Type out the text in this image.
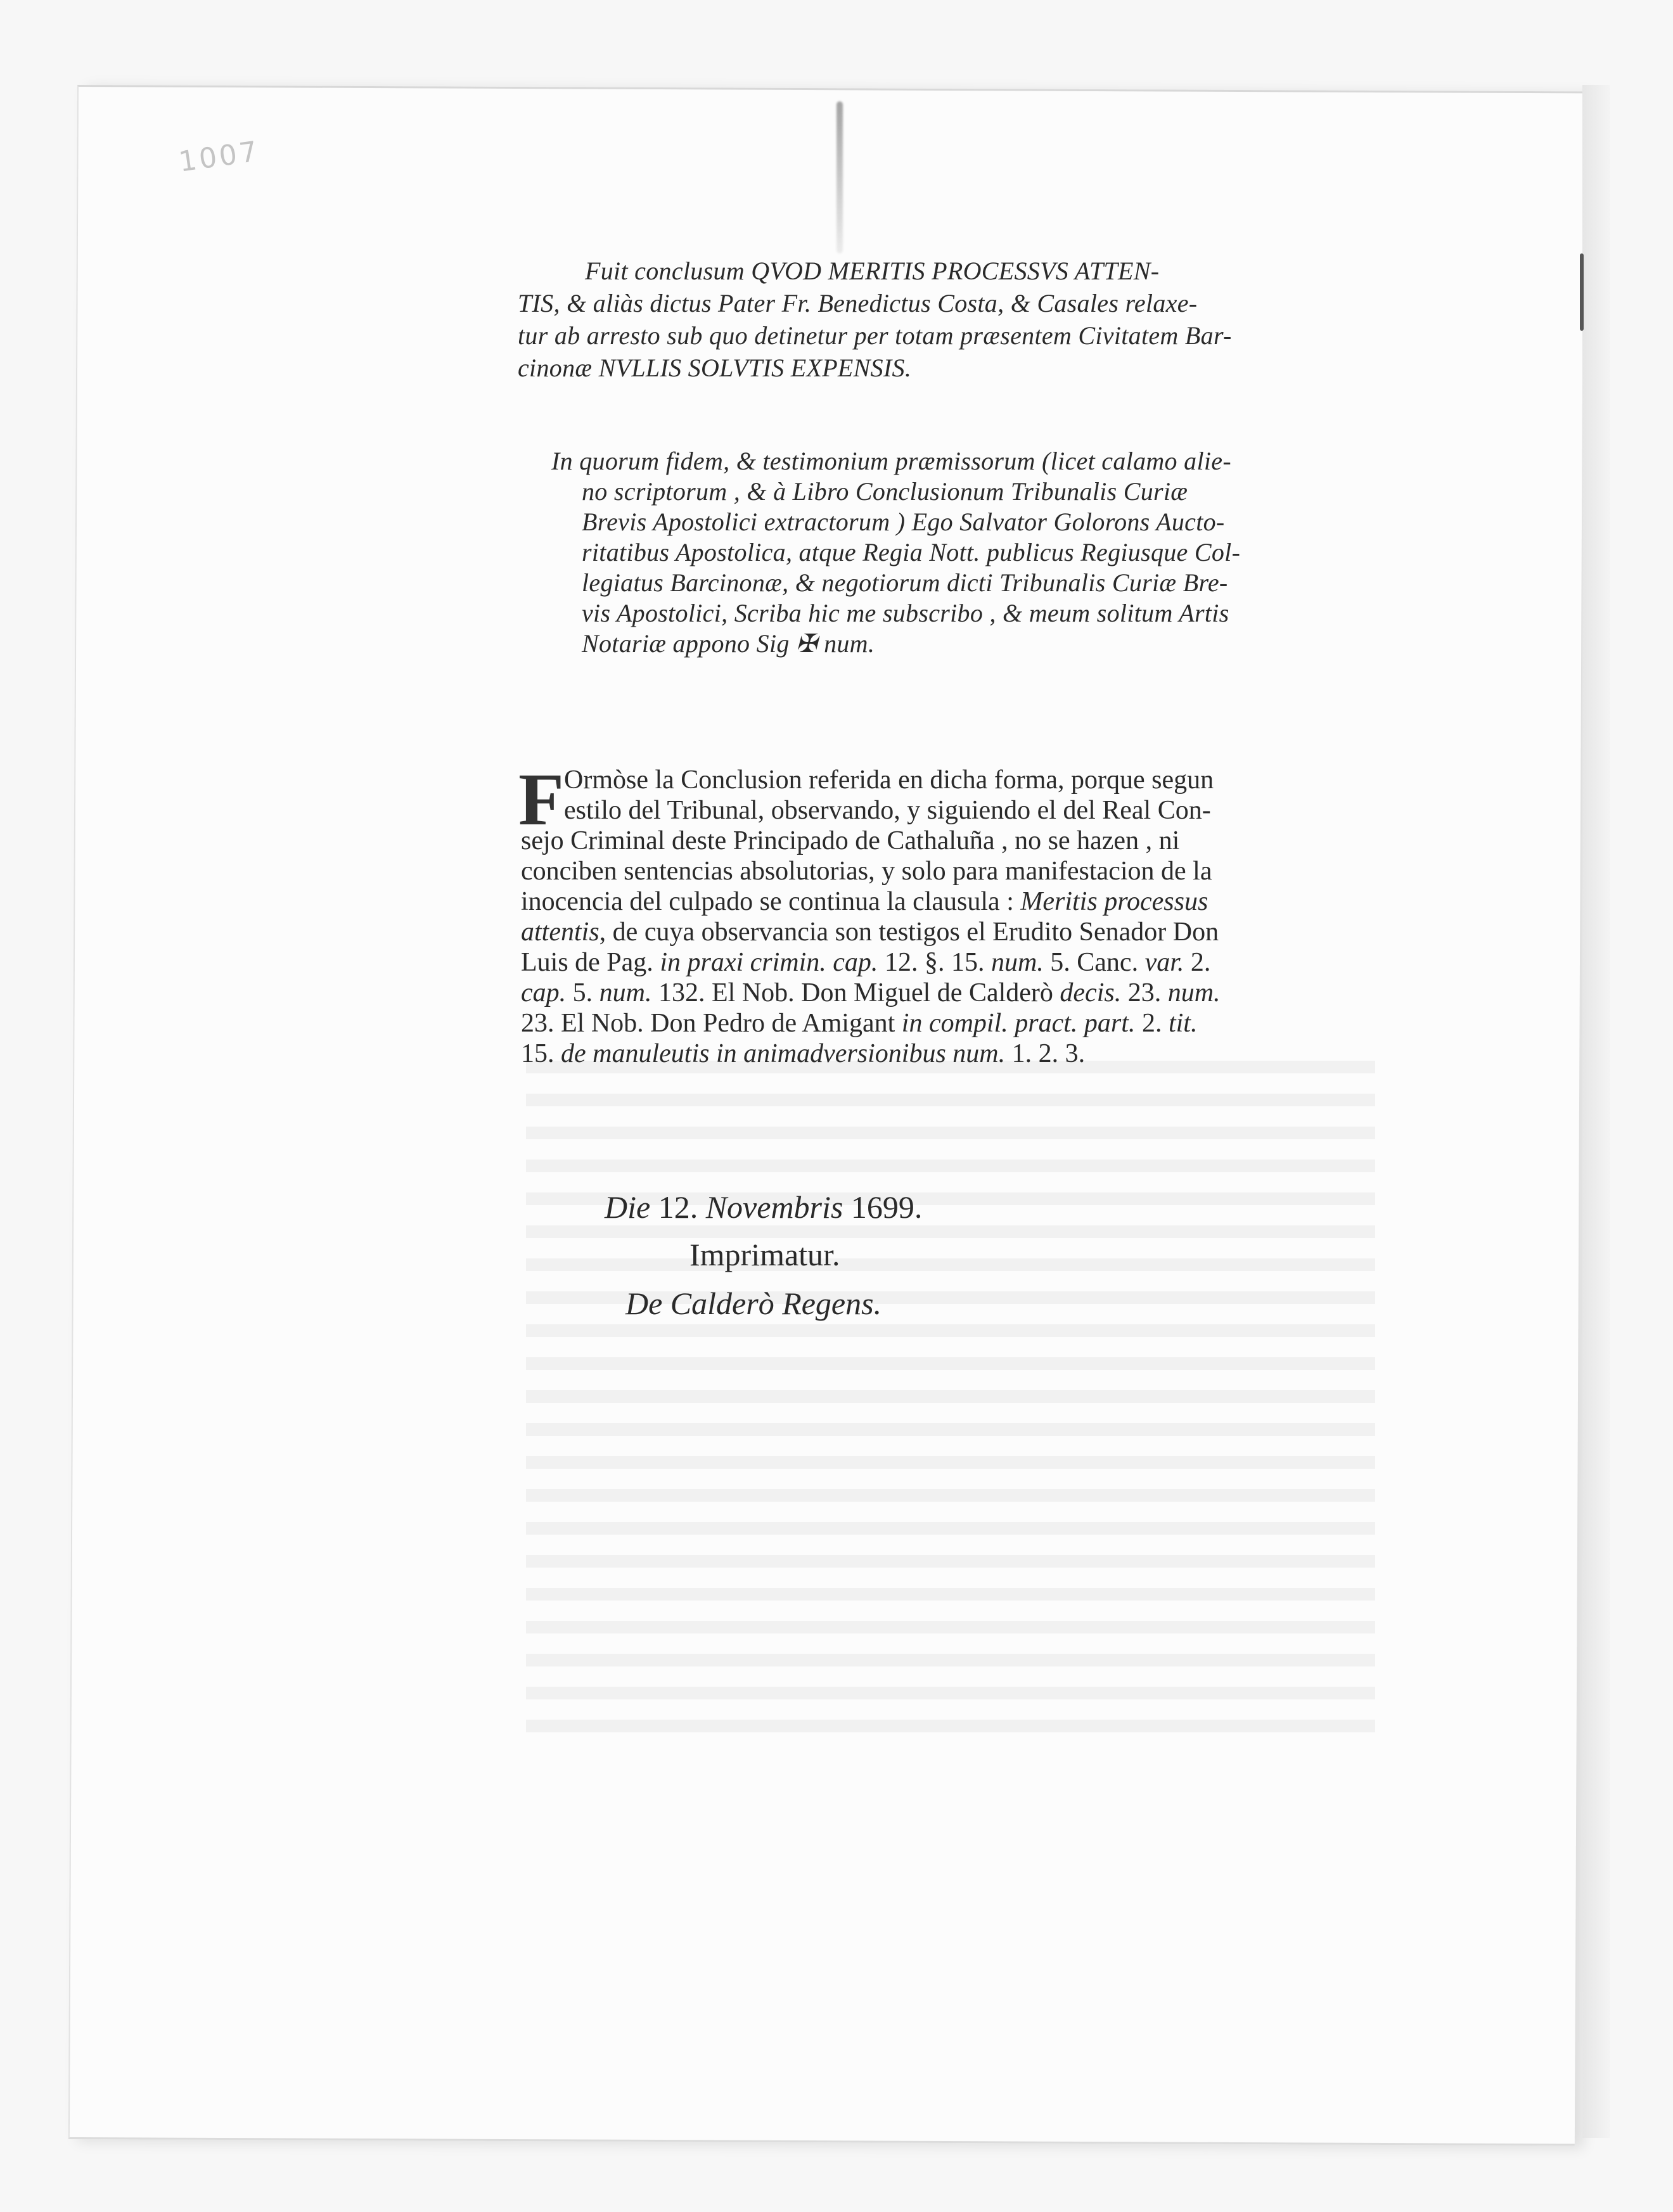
1007
Fuit conclusum QVOD MERITIS PROCESSVS ATTEN-
TIS, & aliàs dictus Pater Fr. Benedictus Costa, & Casales relaxe-
tur ab arresto sub quo detinetur per totam præsentem Civitatem Bar-
cinonæ NVLLIS SOLVTIS EXPENSIS.
In quorum fidem, & testimonium præmissorum (licet calamo alie-
no scriptorum , & à Libro Conclusionum Tribunalis Curiæ
Brevis Apostolici extractorum ) Ego Salvator Golorons Aucto-
ritatibus Apostolica, atque Regia Nott. publicus Regiusque Col-
legiatus Barcinonæ, & negotiorum dicti Tribunalis Curiæ Bre-
vis Apostolici, Scriba hic me subscribo , & meum solitum Artis
Notariæ appono Sig ✠ num.
F Ormòse la Conclusion referida en dicha forma, porque segun
estilo del Tribunal, observando, y siguiendo el del Real Con-
sejo Criminal deste Principado de Cathaluña , no se hazen , ni
conciben sentencias absolutorias, y solo para manifestacion de la
inocencia del culpado se continua la clausula : Meritis processus
attentis, de cuya observancia son testigos el Erudito Senador Don
Luis de Pag. in praxi crimin. cap. 12. §. 15. num. 5. Canc. var. 2.
cap. 5. num. 132. El Nob. Don Miguel de Calderò decis. 23. num.
23. El Nob. Don Pedro de Amigant in compil. pract. part. 2. tit.
15. de manuleutis in animadversionibus num. 1. 2. 3.
Die 12. Novembris 1699.
Imprimatur.
De Calderò Regens.
